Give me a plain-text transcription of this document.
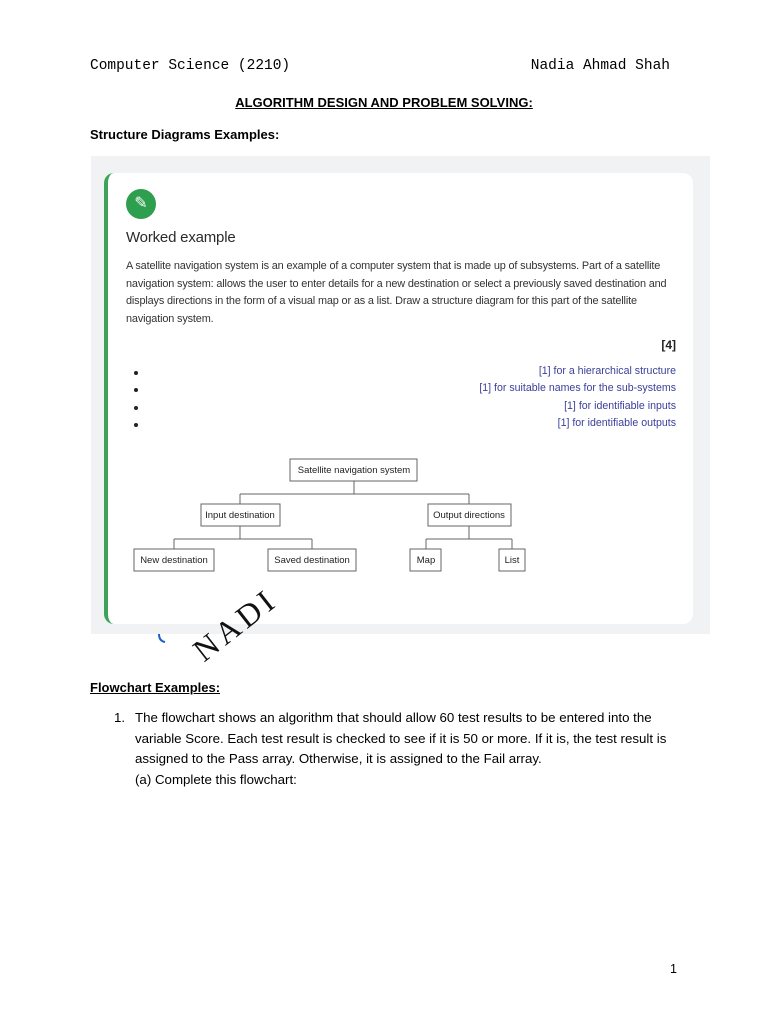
Computer Science (2210)	Nadia Ahmad Shah
ALGORITHM DESIGN AND PROBLEM SOLVING:
Structure Diagrams Examples:
✎
Worked example
A satellite navigation system is an example of a computer system that is made up of subsystems. Part of a satellite navigation system: allows the user to enter details for a new destination or select a previously saved destination and displays directions in the form of a visual map or as a list. Draw a structure diagram for this part of the satellite navigation system.
[4]
[1] for a hierarchical structure
[1] for suitable names for the sub-systems
[1] for identifiable inputs
[1] for identifiable outputs
Satellite navigation system
Input destination	Output directions
New destination	Saved destination	Map	List
NADI
Flowchart Examples:
1. The flowchart shows an algorithm that should allow 60 test results to be entered into the variable Score. Each test result is checked to see if it is 50 or more. If it is, the test result is assigned to the Pass array. Otherwise, it is assigned to the Fail array.
(a) Complete this flowchart:
1
